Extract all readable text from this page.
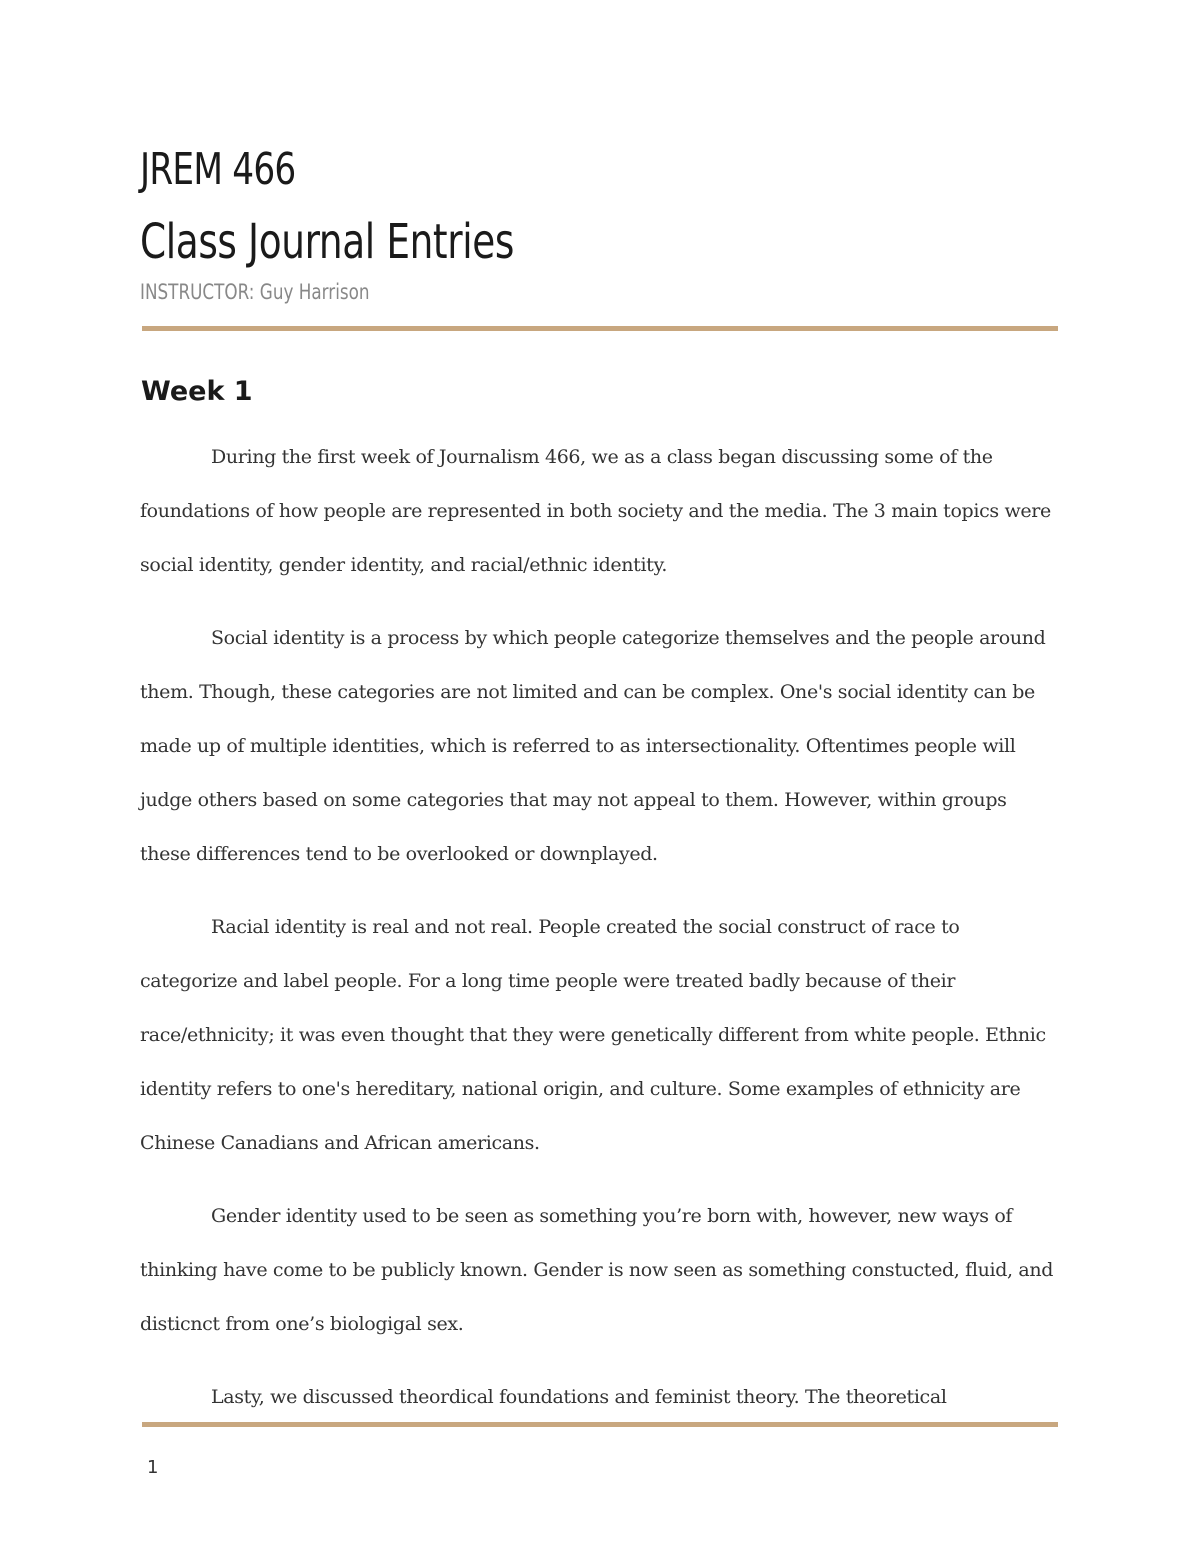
JREM 466
Class Journal Entries
INSTRUCTOR: Guy Harrison
Week 1

During the first week of Journalism 466, we as a class began discussing some of the foundations of how people are represented in both society and the media. The 3 main topics were social identity, gender identity, and racial/ethnic identity.

Social identity is a process by which people categorize themselves and the people around them. Though, these categories are not limited and can be complex. One's social identity can be made up of multiple identities, which is referred to as intersectionality. Oftentimes people will judge others based on some categories that may not appeal to them. However, within groups these differences tend to be overlooked or downplayed.

Racial identity is real and not real. People created the social construct of race to categorize and label people. For a long time people were treated badly because of their race/ethnicity; it was even thought that they were genetically different from white people. Ethnic identity refers to one's hereditary, national origin, and culture. Some examples of ethnicity are Chinese Canadians and African americans.

Gender identity used to be seen as something you’re born with, however, new ways of thinking have come to be publicly known. Gender is now seen as something constucted, fluid, and disticnct from one’s biologigal sex.

Lasty, we discussed theordical foundations and feminist theory. The theoretical

1
